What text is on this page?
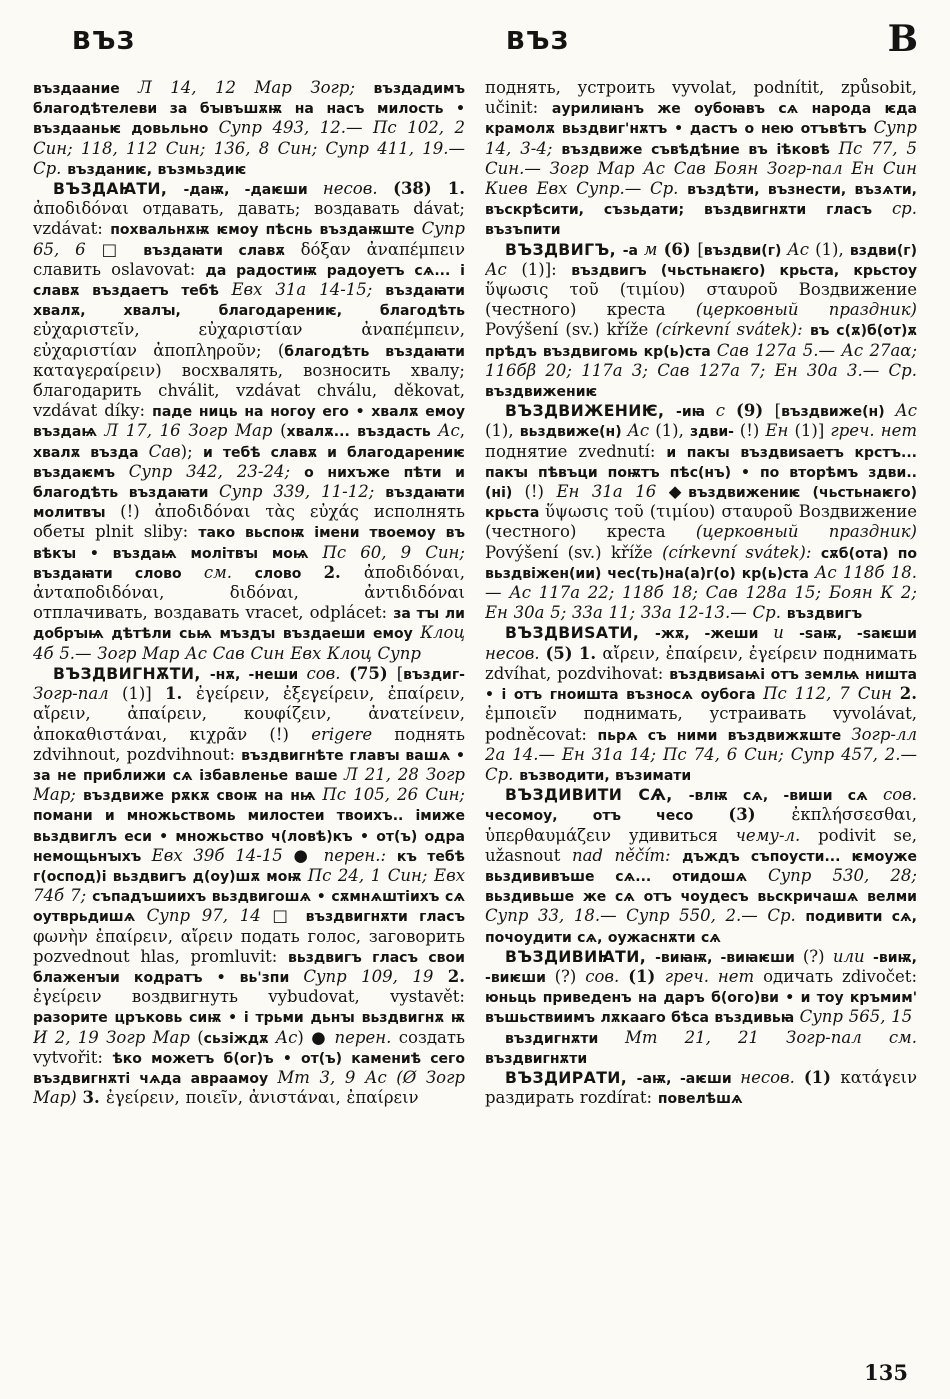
ВЪЗ	ВЪЗ	В

въздаание Л 14, 12 Мар Зогр; въздадимъ благодѣтелеви за бꙑвъшѫѭ на насъ милость • въздааньѥ довьльно Супр 493, 12.— Пс 102, 2 Син; 118, 112 Син; 136, 8 Син; Супр 411, 19.— Ср. възданиѥ, възмьздиѥ

ВЪЗДАꙖТИ, -даѭ, -даѥши несов. (38) 1. ἀποδιδόναι отдавать, давать; воздавать dávat; vzdávat: похвальнѫѭ ѥмоу пѣснь въздаѭште Супр 65, 6 □ въздаꙗти славѫ δόξαν ἀναπέμπειν славить oslavovat: да радостиѭ радоуетъ сѧ... і славѫ въздаетъ тебѣ Евх 31а 14-15; въздаꙗти хвалѫ, хвалꙑ, благодарениѥ, благодѣть εὐχαριστεῖν, εὐχαριστίαν ἀναπέμπειν, εὐχαριστίαν ἀποπληροῦν; (благодѣть въздаꙗти καταγεραίρειν) восхвалять, возносить хвалу; благодарить chválit, vzdávat chválu, děkovat, vzdávat díky: паде ниць на ногоу его • хвалѫ емоу въздаѩ Л 17, 16 Зогр Мар (хвалѫ... въздасть Ас, хвалѫ възда Сав); и тебѣ славѫ и благодарениѥ въздаѥмъ Супр 342, 23-24; о нихъже пѣти и благодѣть въздаꙗти Супр 339, 11-12; въздаꙗти молитвꙑ (!) ἀποδιδόναι τὰς εὐχάς исполнять обеты plnit sliby: тако вьспоѭ імени твоемоу въ вѣкꙑ • въздаѩ молітвꙑ моѩ Пс 60, 9 Син; въздаꙗти слово см. слово 2. ἀποδιδόναι, ἀνταποδιδόναι, διδόναι, ἀντιδιδόναι отплачивать, воздавать vracet, odplácet: за тꙑ ли добрꙑѩ дѣтѣли сьѩ мъздꙑ въздаеши емоу Клоц 4б 5.— Зогр Мар Ас Сав Син Евх Клоц Супр

ВЪЗДВИГНѪТИ, -нѫ, -неши сов. (75) [въздиг- Зогр-пал (1)] 1. ἐγείρειν, ἐξεγείρειν, ἐπαίρειν, αἴρειν, ἀπαίρειν, κουφίζειν, ἀνατείνειν, ἀποκαθιστάναι, κιχρᾶν (!) erigere поднять zdvihnout, pozdvihnout: въздвигнѣте главꙑ вашѧ • за не приближи сѧ ізбавленье ваше Л 21, 28 Зогр Мар; въздвиже рѫкѫ своѭ на нѩ Пс 105, 26 Син; помани и множьствомь милостеи твоихъ.. імиже вьздвиглъ еси • множьство ч(ловѣ)къ • от(ъ) одра немощьнꙑхъ Евх 39б 14-15 ● перен.: къ тебѣ г(оспод)і вьздвигъ д(оу)шѫ моѭ Пс 24, 1 Син; Евх 74б 7; съпадъшиихъ вьздвигошѧ • сѫмнѧштіихъ сѧ оутврьдишѧ Супр 97, 14 □ въздвигнѫти гласъ φωνὴν ἐπαίρειν, αἴρειν подать голос, заговорить pozvednout hlas, promluvit: вьздвигъ гласъ свои блаженꙑи кодратъ • вь'зпи Супр 109, 19 2. ἐγείρειν воздвигнуть vybudovat, vystavět: разорите цръковь сиѭ • і трьми дьнꙑ вьздвигнѫ ѭ И 2, 19 Зогр Мар (сьзіждѫ Ас) ● перен. создать vytvořit: ѣко можетъ б(ог)ъ • от(ъ) камениѣ сего въздвигнѫті чѧда авраамоу Мт 3, 9 Ас (Ø Зогр Мар) 3. ἐγείρειν, ποιεῖν, ἀνιστάναι, ἐπαίρειν

поднять, устроить vyvolat, podnítit, způsobit, učinit: аурилиꙗнъ же оубоꙗвъ сѧ народа ѥда крамолѫ вьздвиг'нѫтъ • дастъ о нею отъвѣтъ Супр 14, 3-4; въздвиже съвѣдѣние въ іѣковѣ Пс 77, 5 Син.— Зогр Мар Ас Сав Боян Зогр-пал Ен Син Киев Евх Супр.— Ср. въздѣти, възнести, възѧти, въскрѣсити, съзьдати; въздвигнѫти гласъ ср. възъпити

ВЪЗДВИГЪ, -а м (6) [въздви(г) Ас (1), вздви(г) Ас (1)]: въздвигъ (чьстьнаѥго) крьста, крьстоу ὕψωσις τοῦ (τιμίου) σταυροῦ Воздвижение (честного) креста (церковный праздник) Povýšení (sv.) kříže (církevní svátek): въ с(ѫ)б(от)ѫ прѣдъ въздвигомь кр(ь)ста Сав 127а 5.— Ас 27аα; 116бβ 20; 117а 3; Сав 127а 7; Ен 30а 3.— Ср. въздвижениѥ

ВЪЗДВИЖЕНИѤ, -иꙗ с (9) [въздвиже(н) Ас (1), вьздвиже(н) Ас (1), здви- (!) Ен (1)] греч. нет поднятие zvednutí: и пакꙑ въздвиѕаетъ крстъ... пакꙑ пѣвъци поѭтъ пѣс(нъ) • по вторѣмъ здви.. (ні) (!) Ен 31а 16 ◆въздвижениѥ (чьстьнаѥго) крьста ὕψωσις τοῦ (τιμίου) σταυροῦ Воздвижение (честного) креста (церковный праздник) Povýšení (sv.) kříže (církevní svátek): сѫб(ота) по вьздвіжен(ии) чес(ть)на(а)г(о) кр(ь)ста Ас 118б 18.— Ас 117а 22; 118б 18; Сав 128а 15; Боян К 2; Ен 30а 5; 33а 11; 33а 12-13.— Ср. въздвигъ

ВЪЗДВИЅАТИ, -жѫ, -жеши и -ѕаѭ, -ѕаѥши несов. (5) 1. αἴρειν, ἐπαίρειν, ἐγείρειν поднимать zdvíhat, pozdvihovat: въздвиѕаѩі отъ землѩ ништа • і отъ гноишта възносѧ оубога Пс 112, 7 Син 2. ἐμποιεῖν поднимать, устраивать vyvolávat, podněcovat: пьрѧ съ ними въздвижѫште Зогр-лл 2а 14.— Ен 31а 14; Пс 74, 6 Син; Супр 457, 2.— Ср. възводити, възимати

ВЪЗДИВИТИ СѦ, -влѭ сѧ, -виши сѧ сов. чесомоу, отъ чесо (3) ἐκπλήσσεσθαι, ὑπερθαυμάζειν удивиться чему-л. podivit se, užasnout nad něčím: дъждъ съпоусти... ѥмоуже вьздививъше сѧ... отидошѧ Супр 530, 28; вьздивьше же сѧ отъ чоудесъ вьскричашѧ велми Супр 33, 18.— Супр 550, 2.— Ср. подивити сѧ, почоудити сѧ, оужаснѫти сѧ

ВЪЗДИВИꙖТИ, -виꙗѭ, -виꙗѥши (?) или -виѭ, -виѥши (?) сов. (1) греч. нет одичать zdivočet: юньць приведенъ на даръ б(ого)ви • и тоу кръмим' въшьствиимъ лѫкааго бѣса въздивьꙗ Супр 565, 15

въздигнѫти Мт 21, 21 Зогр-пал см. въздвигнѫти

ВЪЗДИРАТИ, -аѭ, -аѥши несов. (1) κατάγειν раздирать rozdírat: повелѣшѧ

135
